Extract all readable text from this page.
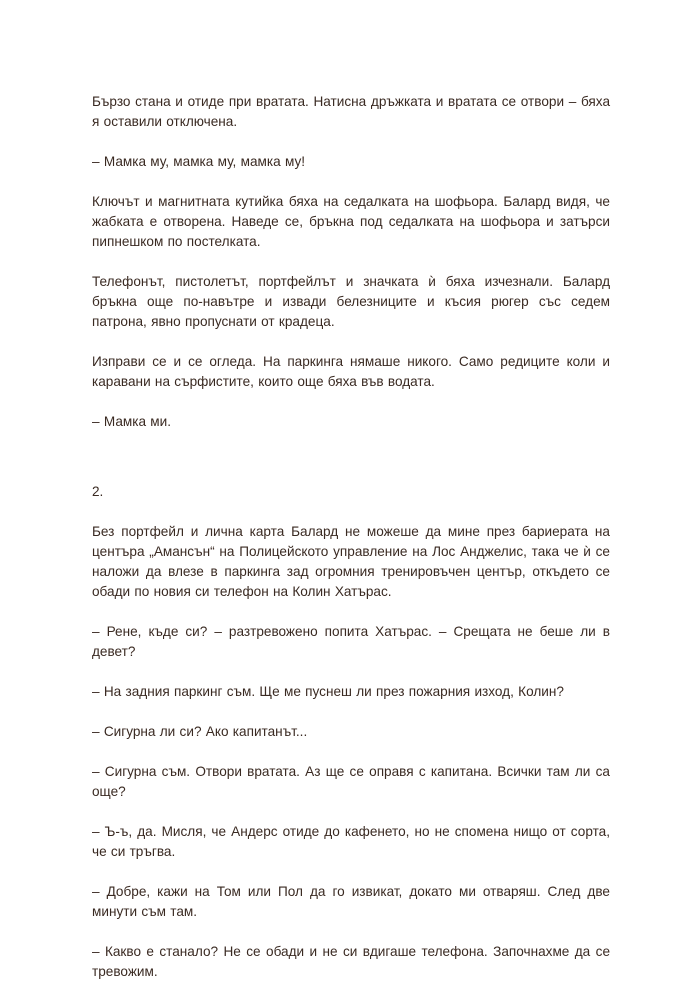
Бързо стана и отиде при вратата. Натисна дръжката и вратата се отвори – бяха я оставили отключена.

– Мамка му, мамка му, мамка му!

Ключът и магнитната кутийка бяха на седалката на шофьора. Балард видя, че жабката е отворена. Наведе се, бръкна под седалката на шофьора и затърси пипнешком по постелката.

Телефонът, пистолетът, портфейлът и значката ѝ бяха изчезнали. Балард бръкна още по-навътре и извади белезниците и късия рюгер със седем патрона, явно пропуснати от крадеца.

Изправи се и се огледа. На паркинга нямаше никого. Само редиците коли и каравани на сърфистите, които още бяха във водата.

– Мамка ми.

2.

Без портфейл и лична карта Балард не можеше да мине през бариерата на центъра „Амансън“ на Полицейското управление на Лос Анджелис, така че ѝ се наложи да влезе в паркинга зад огромния тренировъчен център, откъдето се обади по новия си телефон на Колин Хатърас.

– Рене, къде си? – разтревожено попита Хатърас. – Срещата не беше ли в девет?

– На задния паркинг съм. Ще ме пуснеш ли през пожарния изход, Колин?

– Сигурна ли си? Ако капитанът...

– Сигурна съм. Отвори вратата. Аз ще се оправя с капитана. Всички там ли са още?

– Ъ-ъ, да. Мисля, че Андерс отиде до кафенето, но не спомена нищо от сорта, че си тръгва.

– Добре, кажи на Том или Пол да го извикат, докато ми отваряш. След две минути съм там.

– Какво е станало? Не се обади и не си вдигаше телефона. Започнахме да се тревожим.
